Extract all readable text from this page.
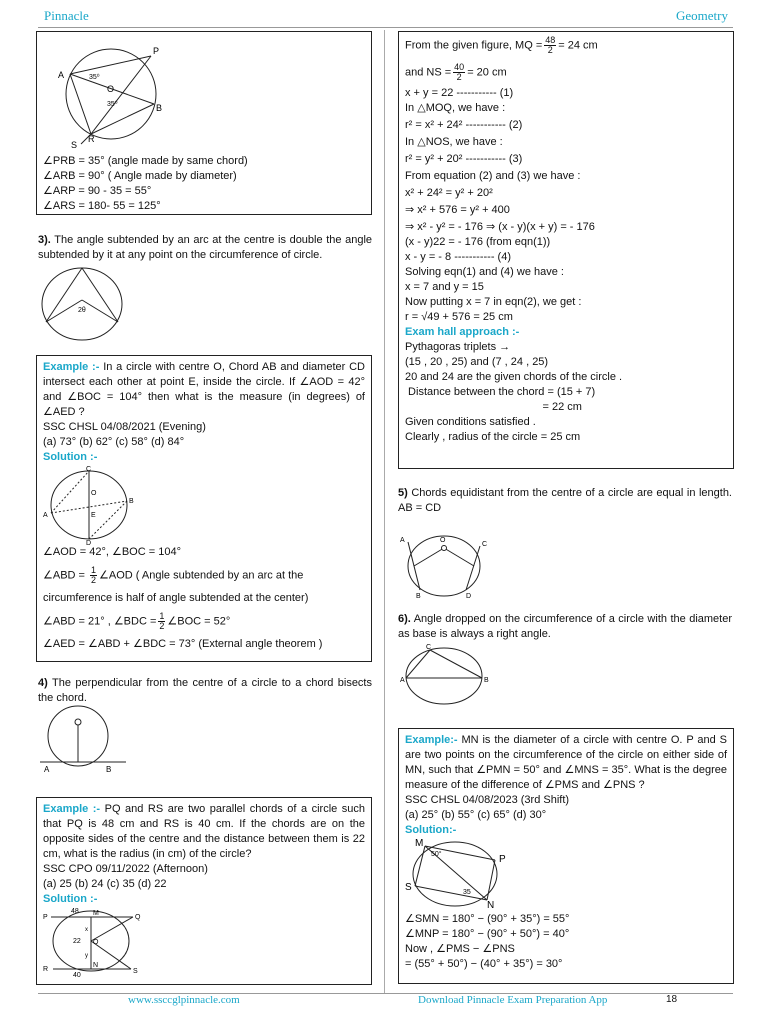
Pinnacle	Geometry
A
P
O
B
R
S
35⁰
35⁰
∠PRB = 35° (angle made by same chord)
∠ARB = 90° ( Angle made by diameter)
∠ARP = 90 - 35 = 55°
∠ARS = 180- 55 = 125°
3). The angle subtended by an arc at the centre is double the angle subtended by it at any point on the circumference of circle.
2θ
Example :- In a circle with centre O, Chord AB and diameter CD intersect each other at point E, inside the circle. If ∠AOD = 42° and ∠BOC = 104° then what is the measure (in degrees) of ∠AED ?
SSC CHSL 04/08/2021 (Evening)
(a) 73° (b) 62° (c) 58° (d) 84°
Solution :-
C
A
B
D
E
O
∠AOD = 42°, ∠BOC = 104°
∠ABD = $\frac{1}{2}$ ∠AOD ( Angle subtended by an arc at the
circumference is half of angle subtended at the center)
∠ABD = 21° , ∠BDC = $\frac{1}{2}$ ∠BOC = 52°
∠AED = ∠ABD + ∠BDC = 73° (External angle theorem )
4) The perpendicular from the centre of a circle to a chord bisects the chord.
A	B
Example :- PQ and RS are two parallel chords of a circle such that PQ is 48 cm and RS is 40 cm. If the chords are on the opposite sides of the centre and the distance between them is 22 cm, what is the radius (in cm) of the circle?
SSC CPO 09/11/2022 (Afternoon)
(a) 25 (b) 24 (c) 35 (d) 22
Solution :-
P	Q
R	S
M
N
O
x
y
48
40
22
From the given figure, MQ = $\frac{48}{2} = 24$ cm
and NS = $\frac{40}{2} = 20$ cm
x + y = 22 ----------- (1)
In △MOQ, we have :
r² = x² + 24² ----------- (2)
In △NOS, we have :
r² = y² + 20² ----------- (3)
From equation (2) and (3) we have :
x² + 24² = y² + 20²
⇒ x² + 576 = y² + 400
⇒ x² - y² = - 176 ⇒ (x - y)(x + y) = - 176
(x - y)22 = - 176 (from eqn(1))
x - y = - 8 ----------- (4)
Solving eqn(1) and (4) we have :
x = 7 and y = 15
Now putting x = 7 in eqn(2), we get :
r = √49 + 576 = 25 cm
Exam hall approach :-
Pythagoras triplets →
(15 , 20 , 25) and (7 , 24 , 25)
20 and 24 are the given chords of the circle .
Distance between the chord = (15 + 7)
= 22 cm
Given conditions satisfied .
Clearly , radius of the circle = 25 cm
5) Chords equidistant from the centre of a circle are equal in length. AB = CD
A
B
C
D
O
6). Angle dropped on the circumference of a circle with the diameter as base is always a right angle.
A	B
C
Example:- MN is the diameter of a circle with centre O. P and S are two points on the circumference of the circle on either side of MN, such that ∠PMN = 50° and ∠MNS = 35°. What is the degree measure of the difference of ∠PMS and ∠PNS ?
SSC CHSL 04/08/2023 (3rd Shift)
(a) 25° (b) 55° (c) 65° (d) 30°
Solution:-
M
P
S
N
50°
35
∠SMN = 180° − (90° + 35°) = 55°
∠MNP = 180° − (90° + 50°) = 40°
Now , ∠PMS − ∠PNS
= (55° + 50°) − (40° + 35°) = 30°
www.ssccglpinnacle.com	Download Pinnacle Exam Preparation App	18
